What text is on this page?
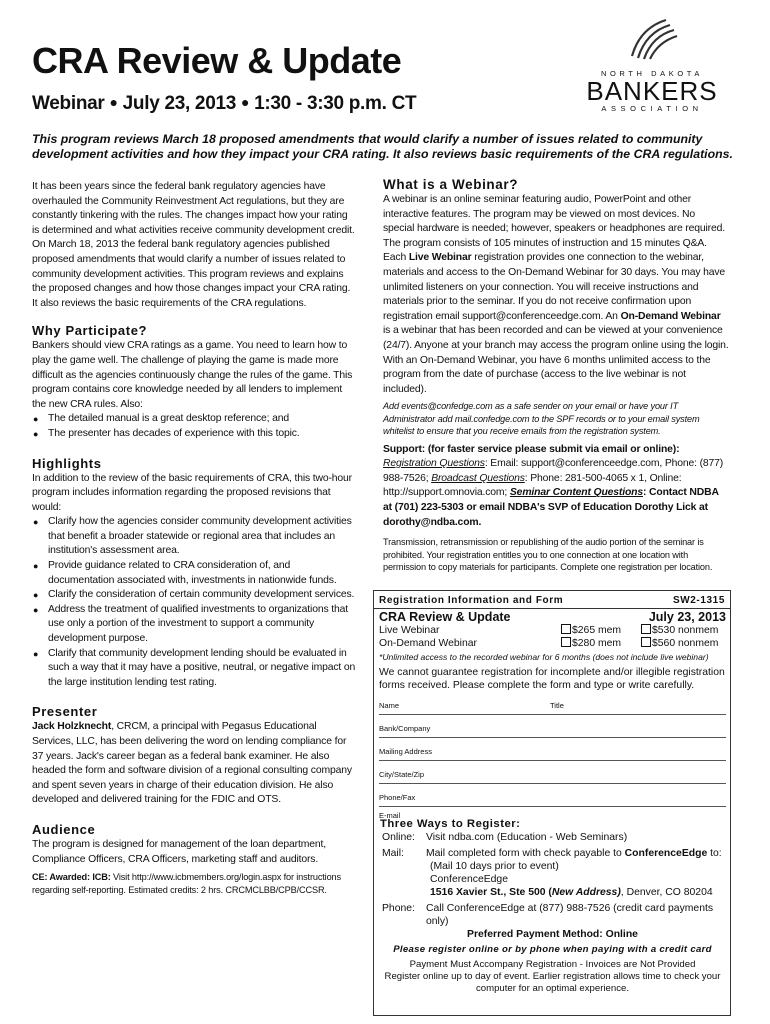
CRA Review & Update
Webinar ● July 23, 2013 ● 1:30 - 3:30 p.m. CT
NORTH DAKOTA
BANKERS
ASSOCIATION
This program reviews March 18 proposed amendments that would clarify a number of issues related to community development activities and how they impact your CRA rating. It also reviews basic requirements of the CRA regulations.

It has been years since the federal bank regulatory agencies have overhauled the Community Reinvestment Act regulations, but they are constantly tinkering with the rules. The changes impact how your rating is determined and what activities receive community development credit. On March 18, 2013 the federal bank regulatory agencies published proposed amendments that would clarify a number of issues related to community development activities. This program reviews and explains the proposed changes and how those changes impact your CRA rating. It also reviews the basic requirements of the CRA regulations.

Why Participate?

Bankers should view CRA ratings as a game. You need to learn how to play the game well. The challenge of playing the game is made more difficult as the agencies continuously change the rules of the game. This program contains core knowledge needed by all lenders to implement the new CRA rules. Also:

● The detailed manual is a great desktop reference; and
● The presenter has decades of experience with this topic.
Highlights

In addition to the review of the basic requirements of CRA, this two-hour program includes information regarding the proposed revisions that would:

● Clarify how the agencies consider community development activities that benefit a broader statewide or regional area that includes an institution's assessment area.
● Provide guidance related to CRA consideration of, and documentation associated with, investments in nationwide funds.
● Clarify the consideration of certain community development services.
● Address the treatment of qualified investments to organizations that use only a portion of the investment to support a community development purpose.
● Clarify that community development lending should be evaluated in such a way that it may have a positive, neutral, or negative impact on the large institution lending test rating.
Presenter

Jack Holzknecht, CRCM, a principal with Pegasus Educational Services, LLC, has been delivering the word on lending compliance for 37 years. Jack's career began as a federal bank examiner. He also headed the form and software division of a regional consulting company and spent seven years in charge of their education division. He also developed and delivered training for the FDIC and OTS.

Audience

The program is designed for management of the loan department, Compliance Officers, CRA Officers, marketing staff and auditors.

CE: Awarded: ICB: Visit http://www.icbmembers.org/login.aspx for instructions regarding self-reporting. Estimated credits: 2 hrs. CRCMCLBB/CPB/CCSR.

What is a Webinar?

A webinar is an online seminar featuring audio, PowerPoint and other interactive features. The program may be viewed on most devices. No special hardware is needed; however, speakers or headphones are required. The program consists of 105 minutes of instruction and 15 minutes Q&A. Each Live Webinar registration provides one connection to the webinar, materials and access to the On-Demand Webinar for 30 days. You may have unlimited listeners on your connection. You will receive instructions and materials prior to the seminar. If you do not receive confirmation upon registration email support@conferenceedge.com. An On-Demand Webinar is a webinar that has been recorded and can be viewed at your convenience (24/7). Anyone at your branch may access the program online using the login. With an On-Demand Webinar, you have 6 months unlimited access to the program from the date of purchase (access to the live webinar is not included).

Add events@confedge.com as a safe sender on your email or have your IT Administrator add mail.confedge.com to the SPF records or to your email system whitelist to ensure that you receive emails from the registration system.

Support: (for faster service please submit via email or online):
Registration Questions: Email: support@conferenceedge.com, Phone: (877) 988-7526; Broadcast Questions: Phone: 281-500-4065 x 1, Online: http://support.omnovia.com; Seminar Content Questions: Contact NDBA at (701) 223-5303 or email NDBA's SVP of Education Dorothy Lick at dorothy@ndba.com.

Transmission, retransmission or republishing of the audio portion of the seminar is prohibited. Your registration entitles you to one connection at one location with permission to copy materials for participants. Complete one registration per location.

Registration Information and Form	SW2-1315
CRA Review & Update	July 23, 2013
Live Webinar	$265 mem	$530 nonmem
On-Demand Webinar	$280 mem	$560 nonmem
*Unlimited access to the recorded webinar for 6 months (does not include live webinar)
We cannot guarantee registration for incomplete and/or illegible registration forms received. Please complete the form and type or write carefully.
Name	Title
Bank/Company
Mailing Address
City/State/Zip
Phone/Fax
E-mail
Three Ways to Register:
Online:	Visit ndba.com (Education - Web Seminars)
Mail:	Mail completed form with check payable to ConferenceEdge to:
(Mail 10 days prior to event)
ConferenceEdge
1516 Xavier St., Ste 500 (New Address), Denver, CO 80204
Phone:	Call ConferenceEdge at (877) 988-7526 (credit card payments only)
Preferred Payment Method: Online
Please register online or by phone when paying with a credit card
Payment Must Accompany Registration - Invoices are Not Provided
Register online up to day of event. Earlier registration allows time to check your computer for an optimal experience.
